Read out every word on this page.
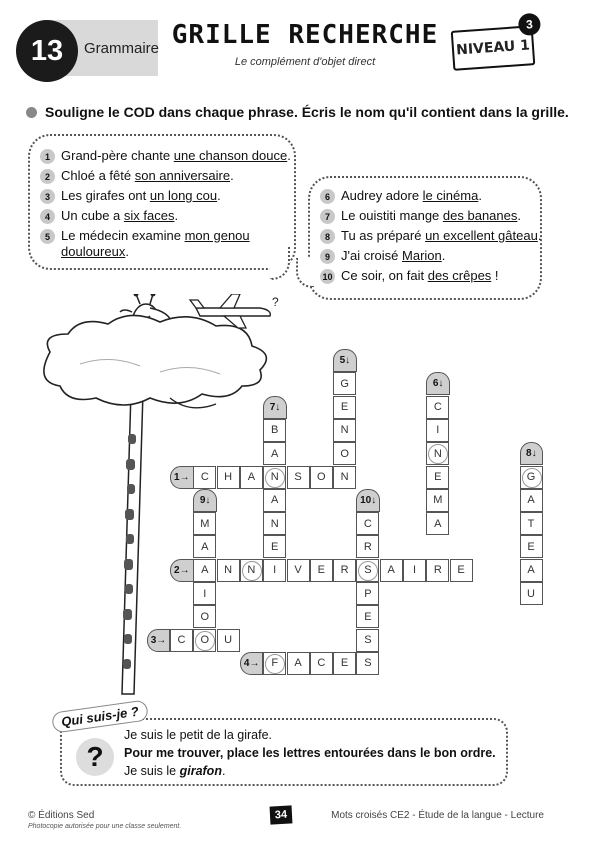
13	Grammaire GRILLE RECHERCHE
Le complément d'objet direct
NIVEAU 1
3
Souligne le COD dans chaque phrase. Écris le nom qu'il contient dans la grille.
1 Grand-père chante une chanson douce.
2 Chloé a fêté son anniversaire.
3 Les girafes ont un long cou.
4 Un cube a six faces.
5 Le médecin examine mon genou
douloureux.
6 Audrey adore le cinéma.
7 Le ouistiti mange des bananes.
8 Tu as préparé un excellent gâteau.
9 J'ai croisé Marion.
10 Ce soir, on fait des crêpes !
?
1→	C	H	A	N	S	O	N
2→	A	N	N	I	V	E	R	S	A	I	R	E
3→	C	O	U
4→	F	A	C	E	S
5↓
G
E
N
O
6↓
C
I
N
E
M
A
7↓
B
A
A
N
E
8↓
G
A
T
E
A
U
9↓
M
A
I
O
10↓
C
R
P
E
S
Qui suis-je ?
?
Je suis le petit de la girafe.
Pour me trouver, place les lettres entourées dans le bon ordre.
Je suis le girafon.
© Éditions Sed
Photocopie autorisée pour une classe seulement.
34	Mots croisés CE2 - Étude de la langue - Lecture
